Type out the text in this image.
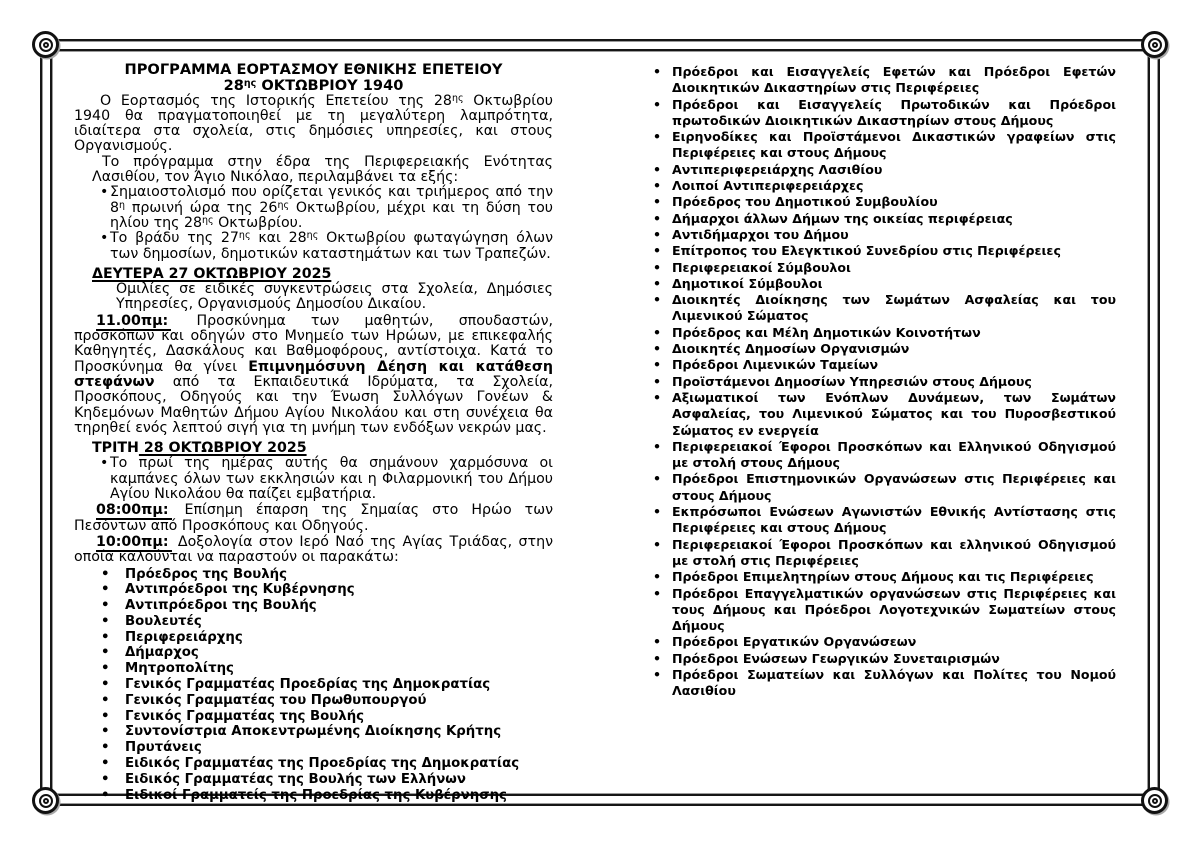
ΠΡΟΓΡΑΜΜΑ ΕΟΡΤΑΣΜΟΥ ΕΘΝΙΚΗΣ ΕΠΕΤΕΙΟΥ
$28^{\eta\varsigma}$ ΟΚΤΩΒΡΙΟΥ 1940

Ο Εορτασμός της Ιστορικής Επετείου της $28^{\eta\varsigma}$ Οκτωβρίου 1940 θα πραγματοποιηθεί με τη μεγαλύτερη λαμπρότητα, ιδιαίτερα στα σχολεία, στις δημόσιες υπηρεσίες, και στους Οργανισμούς.

Το πρόγραμμα στην έδρα της Περιφερειακής Ενότητας Λασιθίου, τον Άγιο Νικόλαο, περιλαμβάνει τα εξής:

• Σημαιοστολισμό που ορίζεται γενικός και τριήμερος από την $8^\eta$ πρωινή ώρα της $26^{\eta\varsigma}$ Οκτωβρίου, μέχρι και τη δύση του ηλίου της $28^{\eta\varsigma}$ Οκτωβρίου.
• Το βράδυ της $27^{\eta\varsigma}$ και $28^{\eta\varsigma}$ Οκτωβρίου φωταγώγηση όλων των δημοσίων, δημοτικών καταστημάτων και των Τραπεζών.

ΔΕΥΤΕΡΑ 27 ΟΚΤΩΒΡΙΟΥ 2025

Ομιλίες σε ειδικές συγκεντρώσεις στα Σχολεία, Δημόσιες Υπηρεσίες, Οργανισμούς Δημοσίου Δικαίου.

11.00πμ: Προσκύνημα των μαθητών, σπουδαστών, προσκόπων και οδηγών στο Μνημείο των Ηρώων, με επικεφαλής Καθηγητές, Δασκάλους και Βαθμοφόρους, αντίστοιχα. Κατά το Προσκύνημα θα γίνει Επιμνημόσυνη Δέηση και κατάθεση στεφάνων από τα Εκπαιδευτικά Ιδρύματα, τα Σχολεία, Προσκόπους, Οδηγούς και την Ένωση Συλλόγων Γονέων & Κηδεμόνων Μαθητών Δήμου Αγίου Νικολάου και στη συνέχεια θα τηρηθεί ενός λεπτού σιγή για τη μνήμη των ενδόξων νεκρών μας.

ΤΡΙΤΗ 28 ΟΚΤΩΒΡΙΟΥ 2025

• Το πρωί της ημέρας αυτής θα σημάνουν χαρμόσυνα οι καμπάνες όλων των εκκλησιών και η Φιλαρμονική του Δήμου Αγίου Νικολάου θα παίζει εμβατήρια.

08:00πμ: Επίσημη έπαρση της Σημαίας στο Ηρώο των Πεσόντων από Προσκόπους και Οδηγούς.

10:00πμ: Δοξολογία στον Ιερό Ναό της Αγίας Τριάδας, στην οποία καλούνται να παραστούν οι παρακάτω:

• Πρόεδρος της Βουλής
• Αντιπρόεδροι της Κυβέρνησης
• Αντιπρόεδροι της Βουλής
• Βουλευτές
• Περιφερειάρχης
• Δήμαρχος
• Μητροπολίτης
• Γενικός Γραμματέας Προεδρίας της Δημοκρατίας
• Γενικός Γραμματέας του Πρωθυπουργού
• Γενικός Γραμματέας της Βουλής
• Συντονίστρια Αποκεντρωμένης Διοίκησης Κρήτης
• Πρυτάνεις
• Ειδικός Γραμματέας της Προεδρίας της Δημοκρατίας
• Ειδικός Γραμματέας της Βουλής των Ελλήνων
• Ειδικοί Γραμματείς της Προεδρίας της Κυβέρνησης
• Πρόεδροι και Εισαγγελείς Εφετών και Πρόεδροι Εφετών Διοικητικών Δικαστηρίων στις Περιφέρειες
• Πρόεδροι και Εισαγγελείς Πρωτοδικών και Πρόεδροι πρωτοδικών Διοικητικών Δικαστηρίων στους Δήμους
• Ειρηνοδίκες και Προϊστάμενοι Δικαστικών γραφείων στις Περιφέρειες και στους Δήμους
• Αντιπεριφερειάρχης Λασιθίου
• Λοιποί Αντιπεριφερειάρχες
• Πρόεδρος του Δημοτικού Συμβουλίου
• Δήμαρχοι άλλων Δήμων της οικείας περιφέρειας
• Αντιδήμαρχοι του Δήμου
• Επίτροπος του Ελεγκτικού Συνεδρίου στις Περιφέρειες
• Περιφερειακοί Σύμβουλοι
• Δημοτικοί Σύμβουλοι
• Διοικητές Διοίκησης των Σωμάτων Ασφαλείας και του Λιμενικού Σώματος
• Πρόεδρος και Μέλη Δημοτικών Κοινοτήτων
• Διοικητές Δημοσίων Οργανισμών
• Πρόεδροι Λιμενικών Ταμείων
• Προϊστάμενοι Δημοσίων Υπηρεσιών στους Δήμους
• Αξιωματικοί των Ενόπλων Δυνάμεων, των Σωμάτων Ασφαλείας, του Λιμενικού Σώματος και του Πυροσβεστικού Σώματος εν ενεργεία
• Περιφερειακοί Έφοροι Προσκόπων και Ελληνικού Οδηγισμού με στολή στους Δήμους
• Πρόεδροι Επιστημονικών Οργανώσεων στις Περιφέρειες και στους Δήμους
• Εκπρόσωποι Ενώσεων Αγωνιστών Εθνικής Αντίστασης στις Περιφέρειες και στους Δήμους
• Περιφερειακοί Έφοροι Προσκόπων και ελληνικού Οδηγισμού με στολή στις Περιφέρειες
• Πρόεδροι Επιμελητηρίων στους Δήμους και τις Περιφέρειες
• Πρόεδροι Επαγγελματικών οργανώσεων στις Περιφέρειες και τους Δήμους και Πρόεδροι Λογοτεχνικών Σωματείων στους Δήμους
• Πρόεδροι Εργατικών Οργανώσεων
• Πρόεδροι Ενώσεων Γεωργικών Συνεταιρισμών
• Πρόεδροι Σωματείων και Συλλόγων και Πολίτες του Νομού Λασιθίου
